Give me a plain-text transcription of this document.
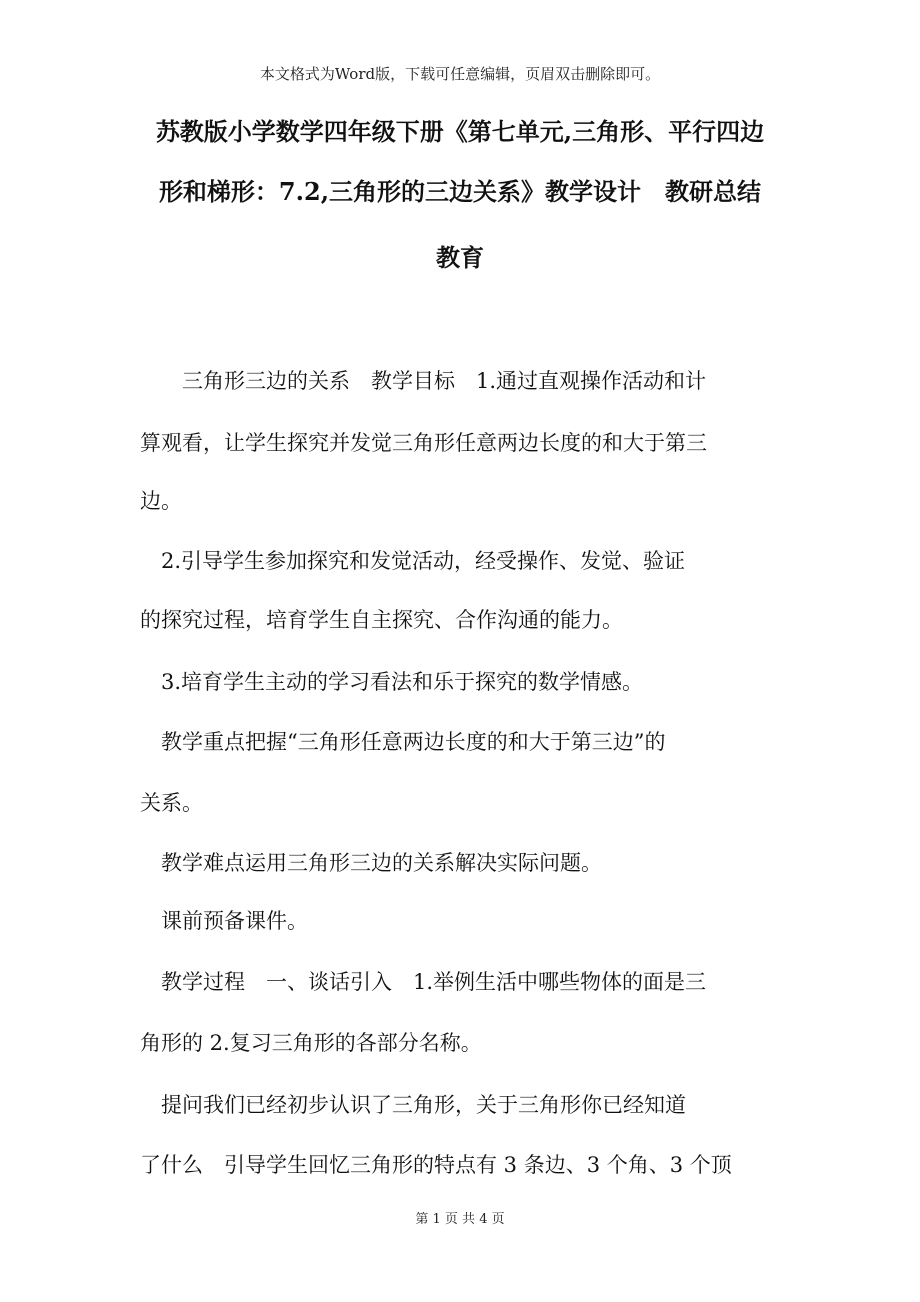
本文格式为Word版，下载可任意编辑，页眉双击删除即可。
苏教版小学数学四年级下册《第七单元,三角形、平行四边
形和梯形：7.2,三角形的三边关系》教学设计　教研总结
教育
　　三角形三边的关系　教学目标　1.通过直观操作活动和计
算观看，让学生探究并发觉三角形任意两边长度的和大于第三
边。
　2.引导学生参加探究和发觉活动，经受操作、发觉、验证
的探究过程，培育学生自主探究、合作沟通的能力。
　3.培育学生主动的学习看法和乐于探究的数学情感。
　教学重点把握“三角形任意两边长度的和大于第三边”的
关系。
　教学难点运用三角形三边的关系解决实际问题。
　课前预备课件。
　教学过程　一、谈话引入　1.举例生活中哪些物体的面是三
角形的 2.复习三角形的各部分名称。
　提问我们已经初步认识了三角形，关于三角形你已经知道
了什么　引导学生回忆三角形的特点有 3 条边、3 个角、3 个顶
第 1 页 共 4 页
